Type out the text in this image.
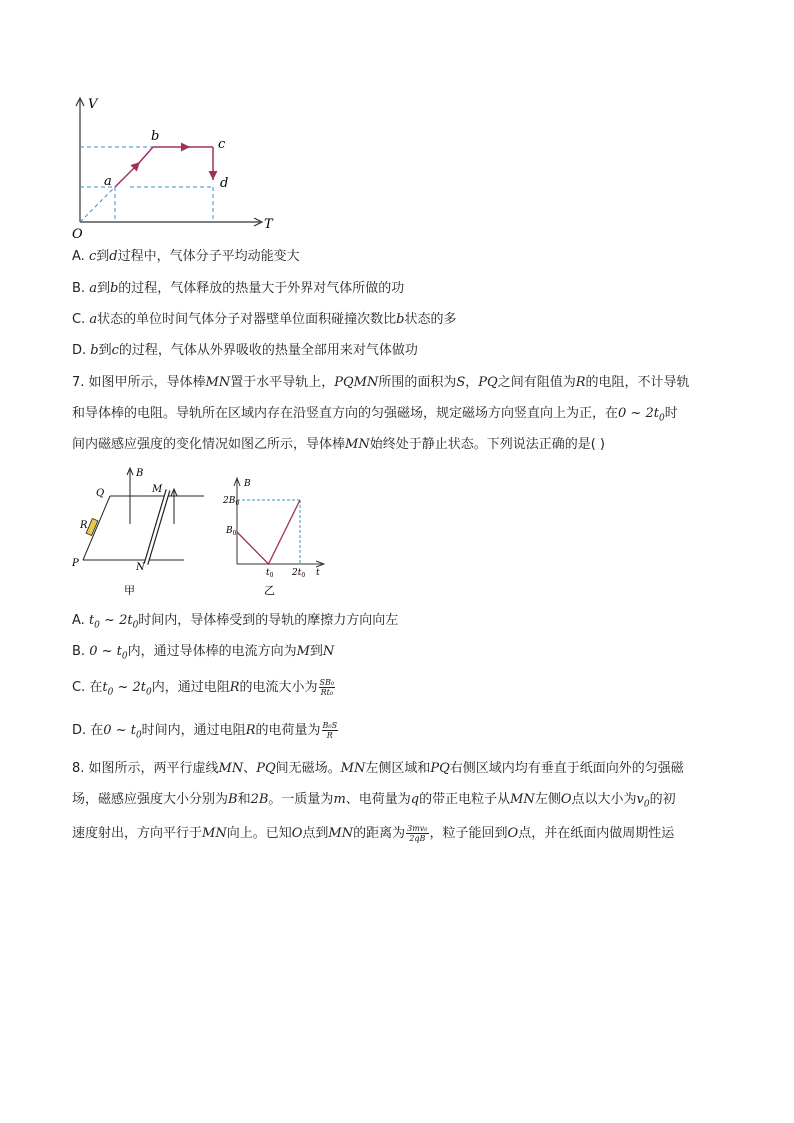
V
T
O
a
b
c
d
A. c到d过程中，气体分子平均动能变大
B. a到b的过程，气体释放的热量大于外界对气体所做的功
C. a状态的单位时间气体分子对器壁单位面积碰撞次数比b状态的多
D. b到c的过程，气体从外界吸收的热量全部用来对气体做功
7. 如图甲所示，导体棒MN置于水平导轨上，PQMN所围的面积为S，PQ之间有阻值为R的电阻，不计导轨
和导体棒的电阻。导轨所在区域内存在沿竖直方向的匀强磁场，规定磁场方向竖直向上为正，在0 ~ $2t_0$时
间内磁感应强度的变化情况如图乙所示，导体棒MN始终处于静止状态。下列说法正确的是( )
B
Q	M
R
P	N
甲
B
$2B_0$
$B_0$
$t_0$ $2t_0$ t
乙
A. $t_0$ ~ $2t_0$时间内，导体棒受到的导轨的摩擦力方向向左
B. 0 ~ $t_0$内，通过导体棒的电流方向为M到N
C. 在$t_0$ ~ $2t_0$内，通过电阻R的电流大小为 $\frac{\text{SB₀}}{\text{Rt₀}}$
D. 在0 ~ $t_0$时间内，通过电阻R的电荷量为 $\frac{\text{B₀S}}{R}$
8. 如图所示，两平行虚线MN、PQ间无磁场。MN左侧区域和PQ右侧区域内均有垂直于纸面向外的匀强磁
场，磁感应强度大小分别为B和2B。一质量为m、电荷量为q的带正电粒子从MN左侧O点以大小为$v_0$的初
速度射出，方向平行于MN向上。已知O点到MN的距离为 $\frac{\text{3mv₀}}{2qB}$ ，粒子能回到O点，并在纸面内做周期性运
